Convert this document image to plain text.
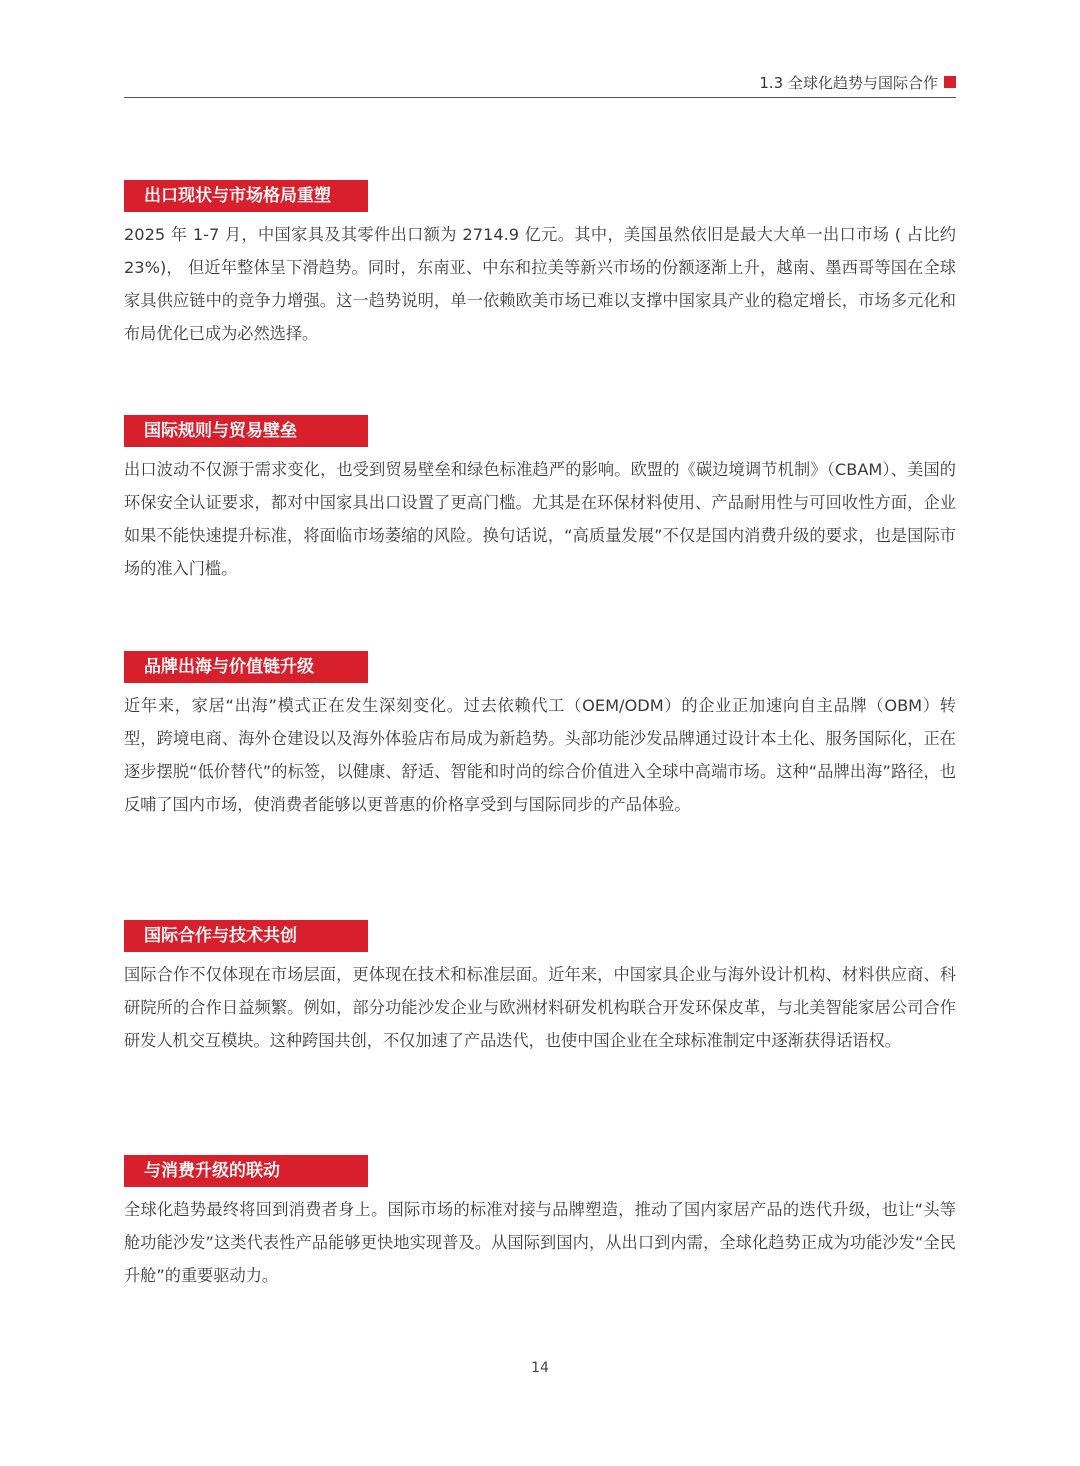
1.3 全球化趋势与国际合作
出口现状与市场格局重塑

2025 年 1-7 月，中国家具及其零件出口额为 2714.9 亿元。其中，美国虽然依旧是最大大单一出口市场 ( 占比约 23%)， 但近年整体呈下滑趋势。同时，东南亚、中东和拉美等新兴市场的份额逐渐上升，越南、墨西哥等国在全球家具供应链中的竞争力增强。这一趋势说明，单一依赖欧美市场已难以支撑中国家具产业的稳定增长，市场多元化和布局优化已成为必然选择。

国际规则与贸易壁垒

出口波动不仅源于需求变化，也受到贸易壁垒和绿色标准趋严的影响。欧盟的《碳边境调节机制》（CBAM）、美国的环保安全认证要求，都对中国家具出口设置了更高门槛。尤其是在环保材料使用、产品耐用性与可回收性方面，企业如果不能快速提升标准，将面临市场萎缩的风险。换句话说，“高质量发展”不仅是国内消费升级的要求，也是国际市场的准入门槛。

品牌出海与价值链升级

近年来，家居“出海”模式正在发生深刻变化。过去依赖代工（OEM/ODM）的企业正加速向自主品牌（OBM）转型，跨境电商、海外仓建设以及海外体验店布局成为新趋势。头部功能沙发品牌通过设计本土化、服务国际化，正在逐步摆脱“低价替代”的标签，以健康、舒适、智能和时尚的综合价值进入全球中高端市场。这种“品牌出海”路径，也反哺了国内市场，使消费者能够以更普惠的价格享受到与国际同步的产品体验。

国际合作与技术共创

国际合作不仅体现在市场层面，更体现在技术和标准层面。近年来，中国家具企业与海外设计机构、材料供应商、科研院所的合作日益频繁。例如，部分功能沙发企业与欧洲材料研发机构联合开发环保皮革，与北美智能家居公司合作研发人机交互模块。这种跨国共创，不仅加速了产品迭代，也使中国企业在全球标准制定中逐渐获得话语权。

与消费升级的联动

全球化趋势最终将回到消费者身上。国际市场的标准对接与品牌塑造，推动了国内家居产品的迭代升级，也让“头等舱功能沙发”这类代表性产品能够更快地实现普及。从国际到国内，从出口到内需，全球化趋势正成为功能沙发“全民升舱”的重要驱动力。

14
